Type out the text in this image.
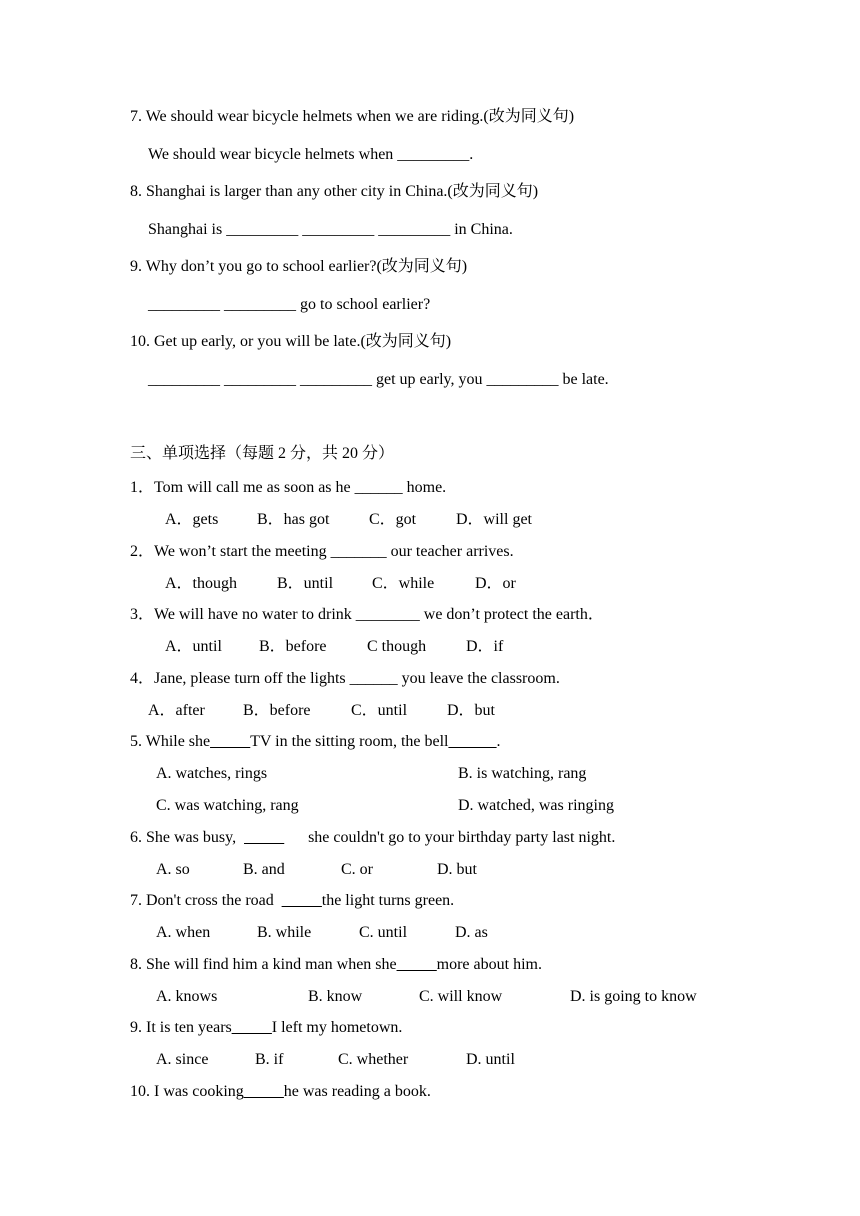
7. We should wear bicycle helmets when we are riding.(改为同义句)
We should wear bicycle helmets when _________.
8. Shanghai is larger than any other city in China.(改为同义句)
Shanghai is _________ _________ _________ in China.
9. Why don’t you go to school earlier?(改为同义句)
_________ _________ go to school earlier?
10. Get up early, or you will be late.(改为同义句)
_________ _________ _________ get up early, you _________ be late.
三、单项选择（每题 2 分，共 20 分）
1．Tom will call me as soon as he ______ home.
A．gets B．has got C．got D．will get
2．We won’t start the meeting _______ our teacher arrives.
A．though B．until C．while	D．or
3．We will have no water to drink ________ we don’t protect the earth．
A．until B．before	C though D．if
4．Jane, please turn off the lights ______ you leave the classroom.
A．after B．before	C．until D．but
5. While she_____TV in the sitting room, the bell______.
A. watches, rings	B. is watching, rang
C. was watching, rang	D. watched, was ringing
6. She was busy,  _____      she couldn't go to your birthday party last night.
A. so	B. and	C. or	D. but
7. Don't cross the road  _____the light turns green.
A. when	B. while	C. until	D. as
8. She will find him a kind man when she_____more about him.
A. knows	B. know	C. will know	D. is going to know
9. It is ten years_____I left my hometown.
A. since	B. if	C. whether	D. until
10. I was cooking_____he was reading a book.
